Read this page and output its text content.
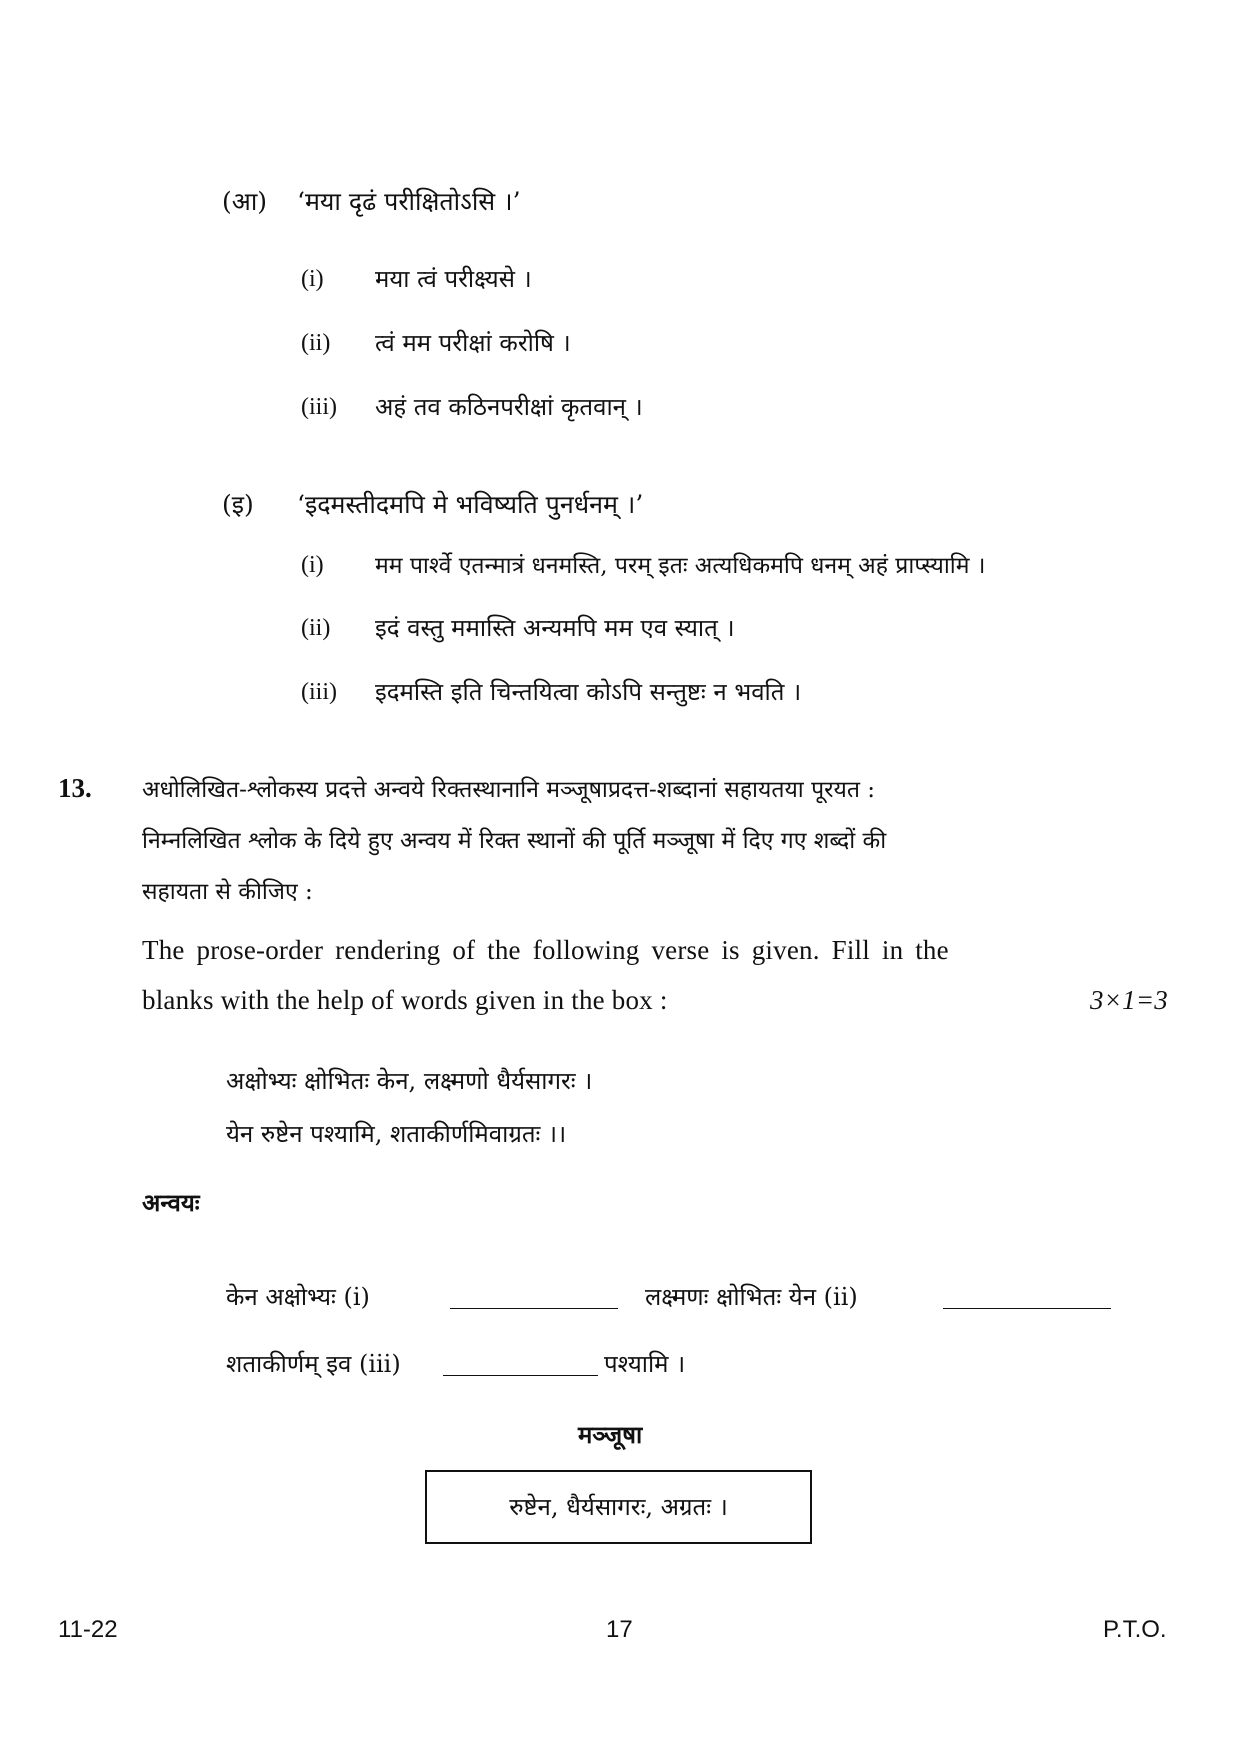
(आ) ‘मया दृढं परीक्षितोऽसि ।’
(i) मया त्वं परीक्ष्यसे ।
(ii) त्वं मम परीक्षां करोषि ।
(iii) अहं तव कठिनपरीक्षां कृतवान् ।
(इ) ‘इदमस्तीदमपि मे भविष्यति पुनर्धनम् ।’
(i) मम पार्श्वे एतन्मात्रं धनमस्ति, परम् इतः अत्यधिकमपि धनम् अहं प्राप्स्यामि ।
(ii) इदं वस्तु ममास्ति अन्यमपि मम एव स्यात् ।
(iii) इदमस्ति इति चिन्तयित्वा कोऽपि सन्तुष्टः न भवति ।
13. अधोलिखित-श्लोकस्य प्रदत्ते अन्वये रिक्तस्थानानि मञ्जूषाप्रदत्त-शब्दानां सहायतया पूरयत :
निम्नलिखित श्लोक के दिये हुए अन्वय में रिक्त स्थानों की पूर्ति मञ्जूषा में दिए गए शब्दों की
सहायता से कीजिए :
The prose-order rendering of the following verse is given. Fill in the
blanks with the help of words given in the box :	3×1=3
अक्षोभ्यः क्षोभितः केन, लक्ष्मणो धैर्यसागरः ।
येन रुष्टेन पश्यामि, शताकीर्णमिवाग्रतः ।।
अन्वयः
केन अक्षोभ्यः (i)	लक्ष्मणः क्षोभितः येन (ii)
शताकीर्णम् इव (iii)	पश्यामि ।
मञ्जूषा
रुष्टेन, धैर्यसागरः, अग्रतः ।
11-22	17	P.T.O.
